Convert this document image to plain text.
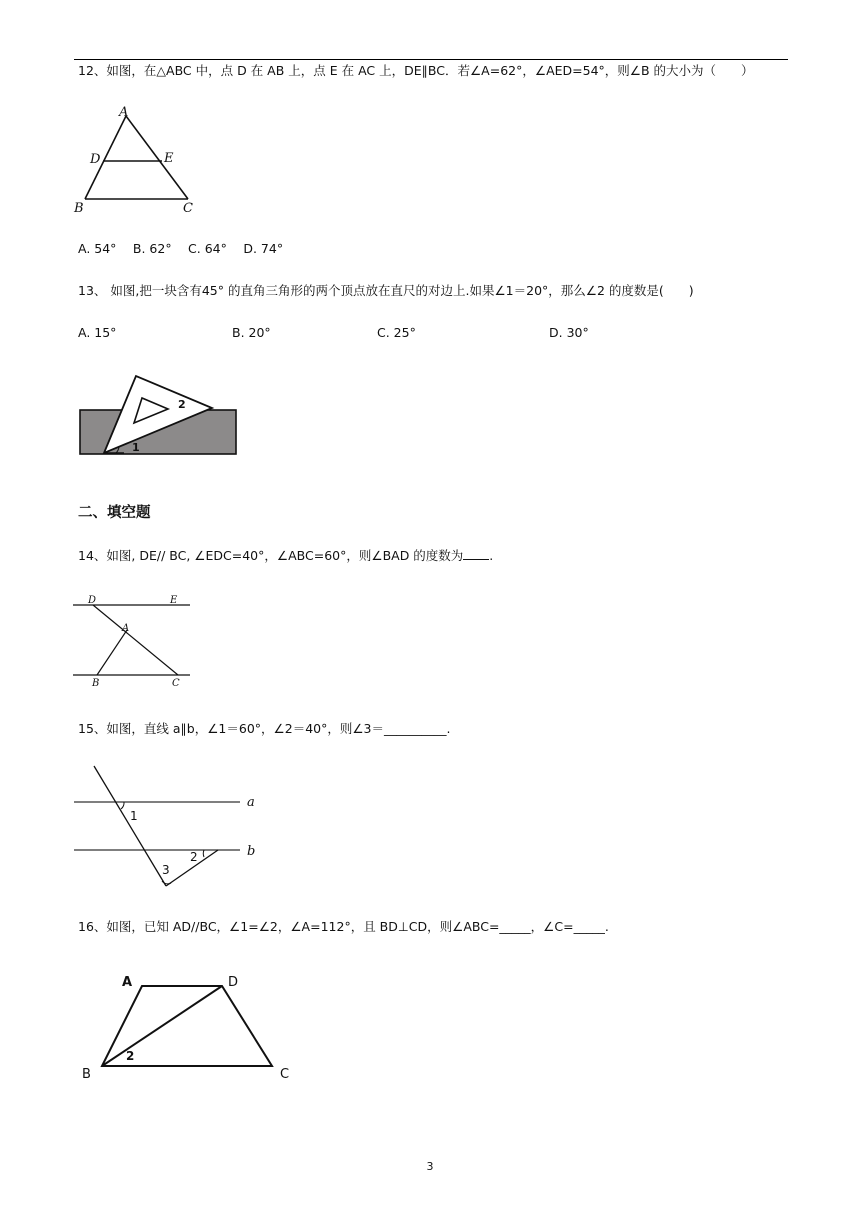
12、如图，在△ABC 中，点 D 在 AB 上，点 E 在 AC 上，DE∥BC．若∠A=62°，∠AED=54°，则∠B 的大小为（　　）
A
D	E
B	C
A. 54°　 B. 62°　 C. 64°　 D. 74°
13、 如图,把一块含有45° 的直角三角形的两个顶点放在直尺的对边上.如果∠1＝20°，那么∠2 的度数是(　　)
A. 15°	B. 20°	C. 25°	D. 30°
1
2
二、填空题
14、如图, DE// BC, ∠EDC=40°，∠ABC=60°，则∠BAD 的度数为 .
D	E
A
B	C
15、如图，直线 a∥b，∠1＝60°，∠2＝40°，则∠3＝__________.
a
b
1
2
3
16、如图，已知 AD//BC，∠1=∠2，∠A=112°，且 BD⊥CD，则∠ABC=_____，∠C=_____.
A	D
B	C
2
3
